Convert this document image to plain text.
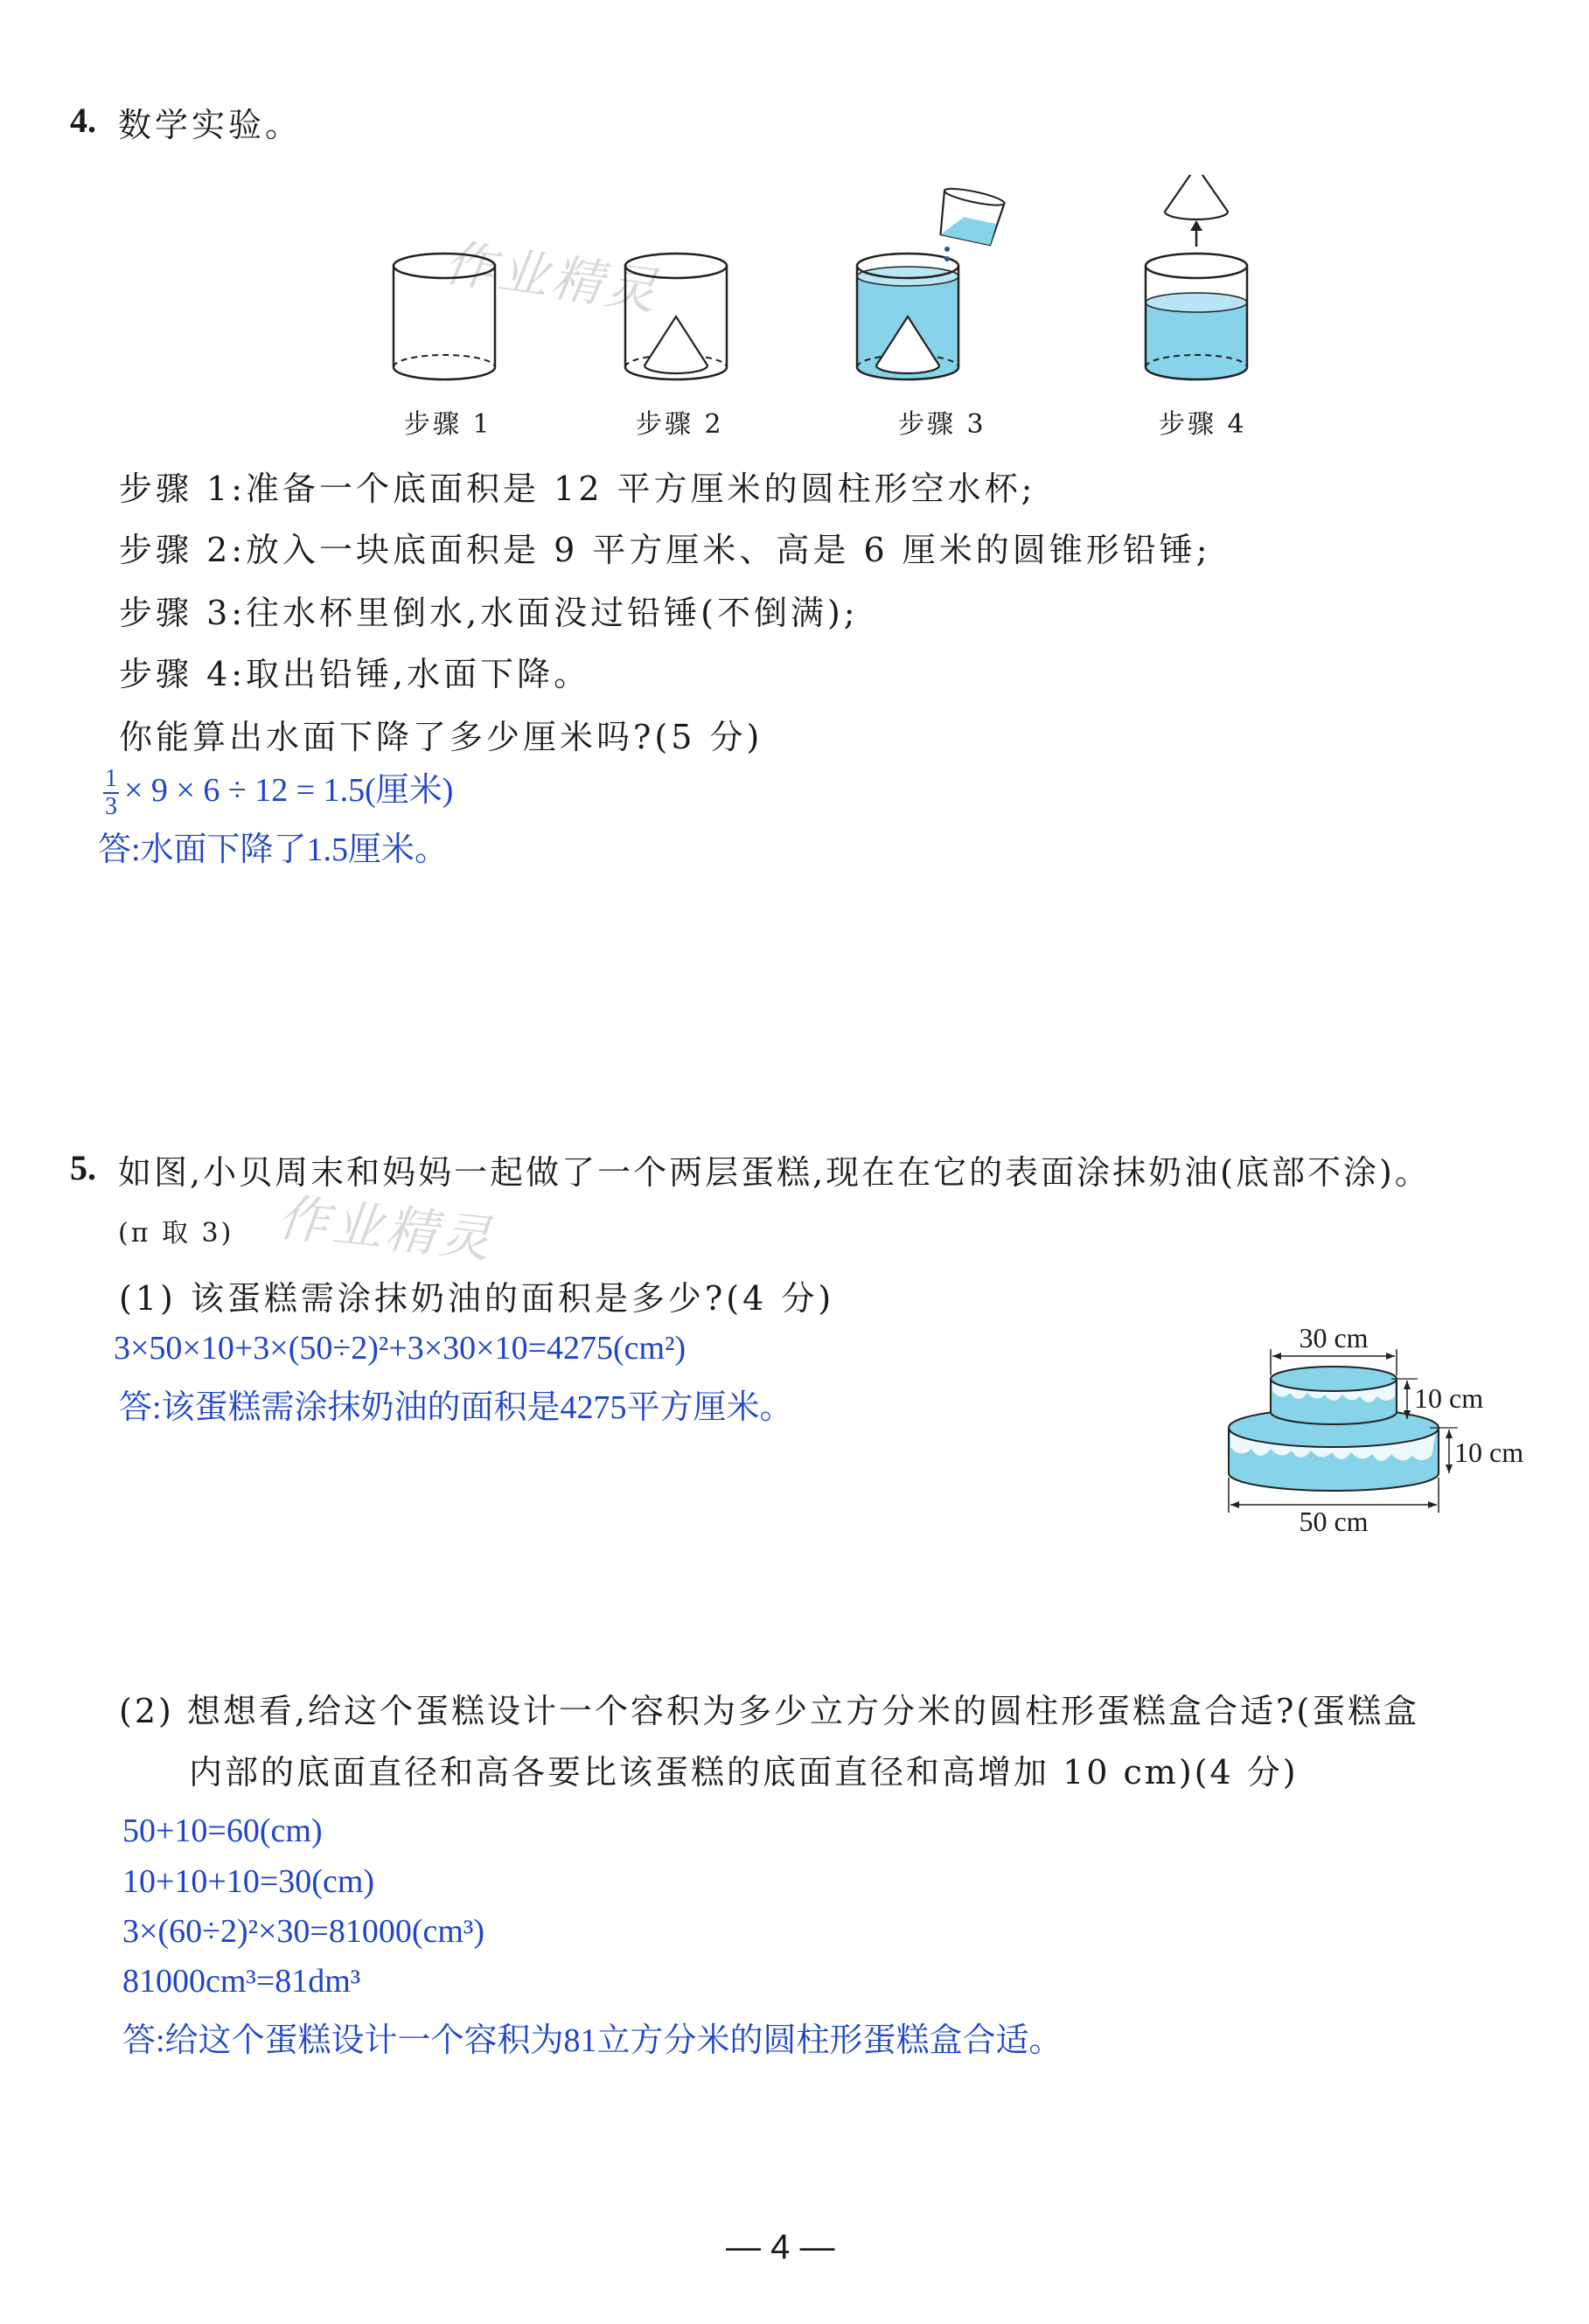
作业精灵
作业精灵
4. 数学实验。
步骤 1	步骤 2	步骤 3	步骤 4
步骤 1:准备一个底面积是 12 平方厘米的圆柱形空水杯;
步骤 2:放入一块底面积是 9 平方厘米、高是 6 厘米的圆锥形铅锤;
步骤 3:往水杯里倒水,水面没过铅锤(不倒满);
步骤 4:取出铅锤,水面下降。
你能算出水面下降了多少厘米吗?(5 分)
$\frac{1}{3} \times 9 \times 6 \div 12 = 1.5$(厘米)
答:水面下降了1.5厘米。
5. 如图,小贝周末和妈妈一起做了一个两层蛋糕,现在在它的表面涂抹奶油(底部不涂)。
(π 取 3)
(1) 该蛋糕需涂抹奶油的面积是多少?(4 分)
3×50×10+3×(50÷2)²+3×30×10=4275(cm²)
答:该蛋糕需涂抹奶油的面积是4275平方厘米。
30 cm
10 cm
10 cm
50 cm
(2) 想想看,给这个蛋糕设计一个容积为多少立方分米的圆柱形蛋糕盒合适?(蛋糕盒
内部的底面直径和高各要比该蛋糕的底面直径和高增加 10 cm)(4 分)
50+10=60(cm)
10+10+10=30(cm)
3×(60÷2)²×30=81000(cm³)
81000cm³=81dm³
答:给这个蛋糕设计一个容积为81立方分米的圆柱形蛋糕盒合适。
— 4 —
